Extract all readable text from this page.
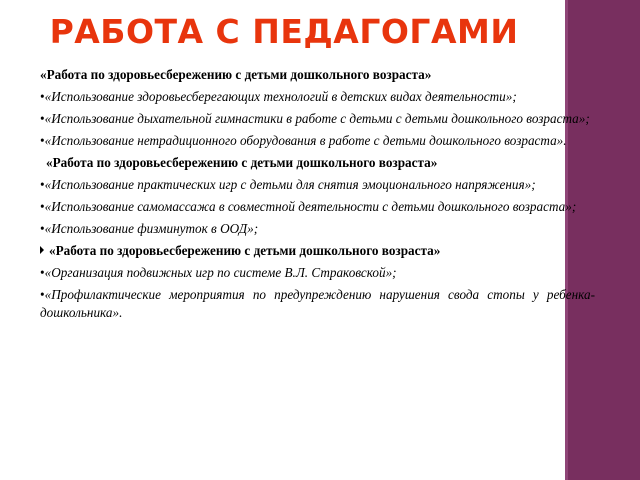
РАБОТА С ПЕДАГОГАМИ

«Работа по здоровьесбережению с детьми дошкольного возраста»

•«Использование здоровьесберегающих технологий в детских видах деятельности»;

•«Использование дыхательной гимнастики в работе с детьми с детьми дошкольного возраста»;

•«Использование нетрадиционного оборудования в работе с детьми дошкольного возраста».

«Работа по здоровьесбережению с детьми дошкольного возраста»

•«Использование практических игр с детьми для снятия эмоционального напряжения»;

•«Использование самомассажа в совместной деятельности с детьми дошкольного возраста»;

•«Использование физминуток в ООД»;

«Работа по здоровьесбережению с детьми дошкольного возраста»

•«Организация подвижных игр по системе В.Л. Страковской»;

•«Профилактические мероприятия по предупреждению нарушения свода стопы у ребенка-дошкольника».
